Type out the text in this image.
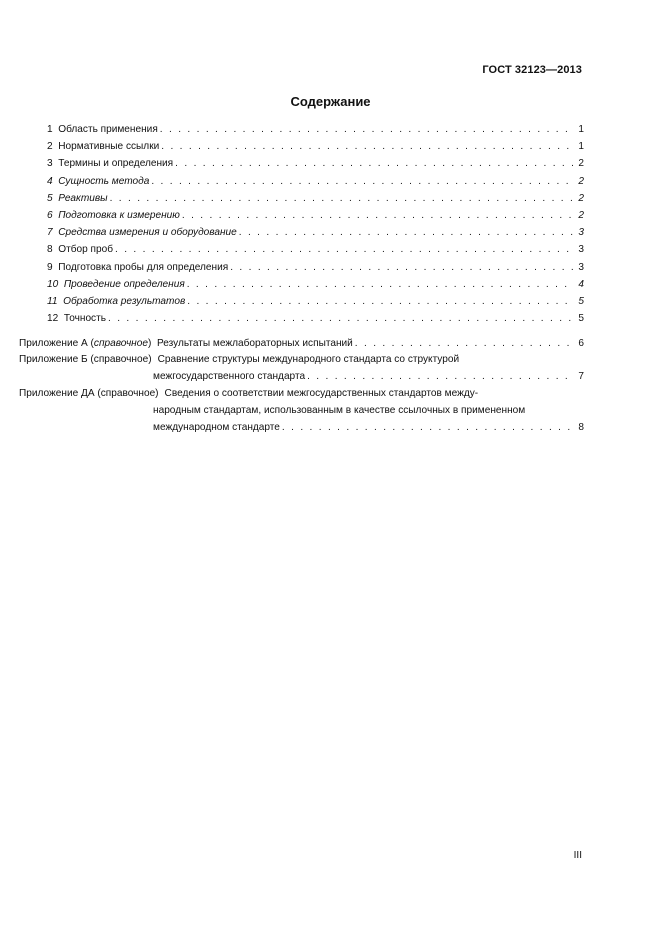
ГОСТ 32123—2013
Содержание
1 Область применения . . .	1
2 Нормативные ссылки . . .	1
3 Термины и определения . . .	2
4 Сущность метода . . .	2
5 Реактивы . . .	2
6 Подготовка к измерению . . .	2
7 Средства измерения и оборудование . . .	3
8 Отбор проб . . .	3
9 Подготовка пробы для определения . . .	3
10 Проведение определения . . .	4
11 Обработка результатов . . .	5
12 Точность . . .	5
Приложение А (справочное) Результаты межлабораторных испытаний . . .	6
Приложение Б (справочное) Сравнение структуры международного стандарта со структурой
межгосударственного стандарта . . .	7
Приложение ДА (справочное) Сведения о соответствии межгосударственных стандартов между-
народным стандартам, использованным в качестве ссылочных в примененном
международном стандарте . . .	8
III
